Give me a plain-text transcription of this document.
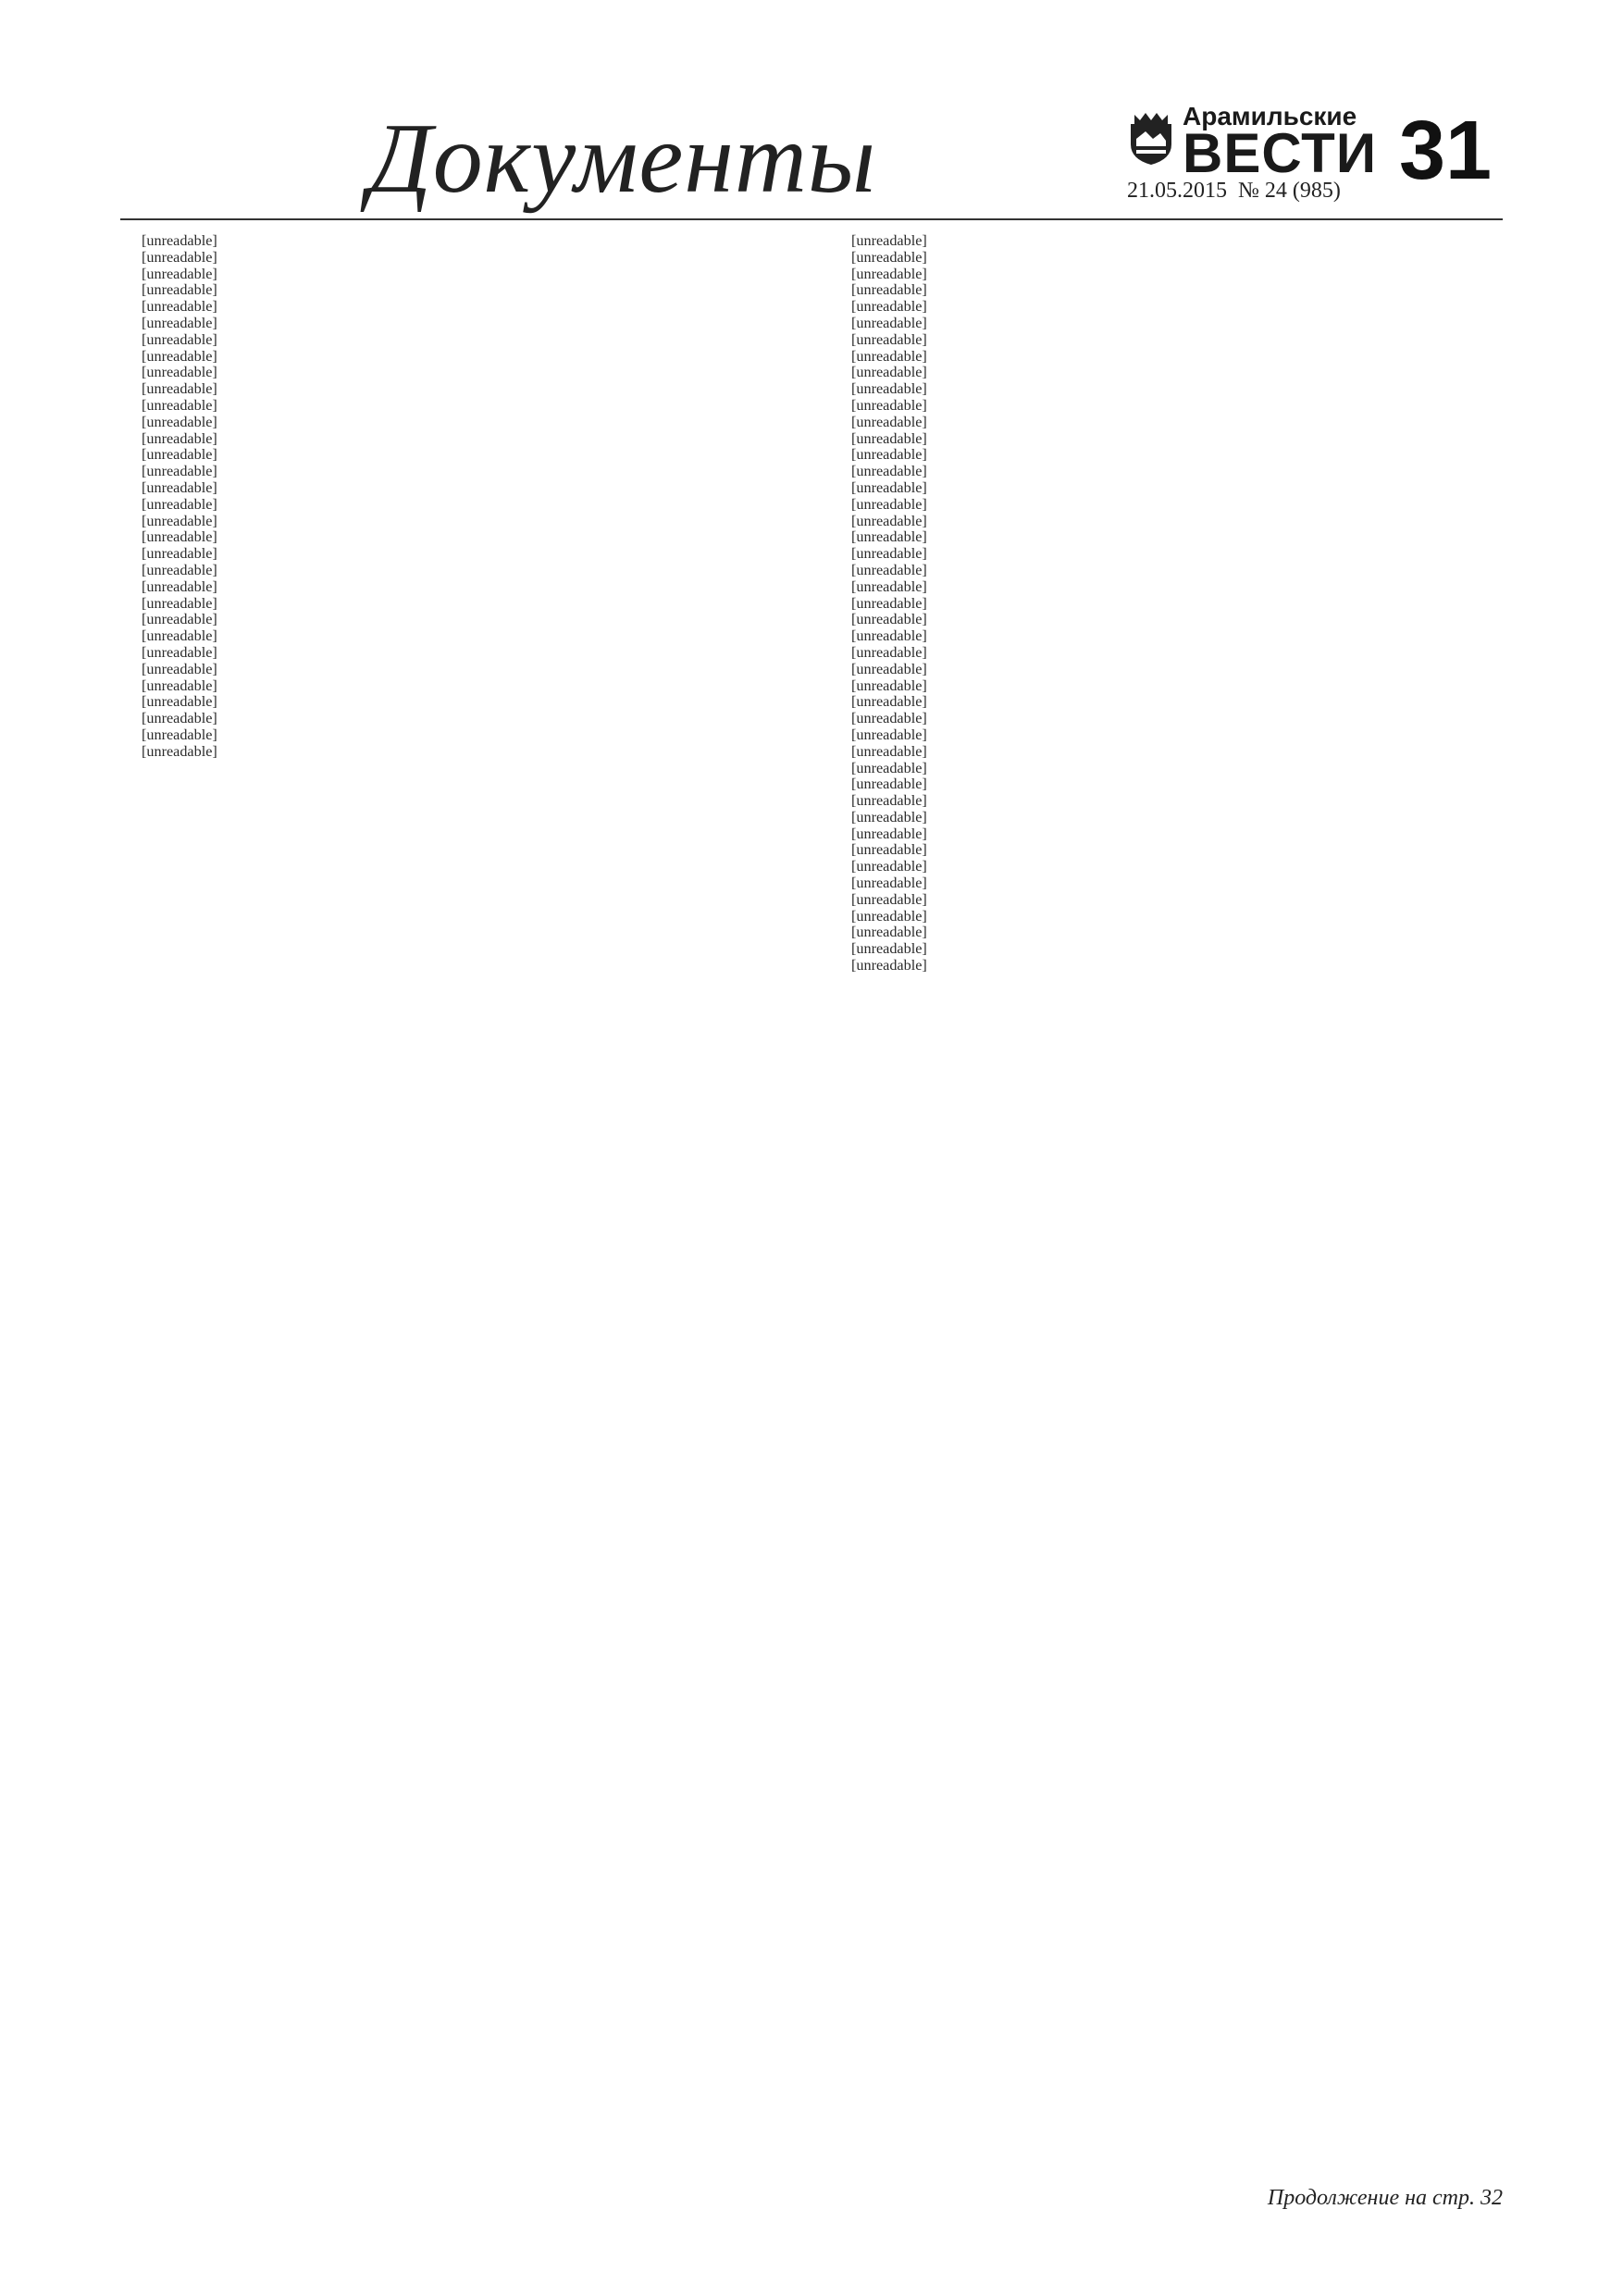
Документы	Арамильские
ВЕСТИ
21.05.2015 № 24 (985) 31

[unreadable]

[unreadable]

[unreadable]

[unreadable]

[unreadable]

[unreadable]

[unreadable]

[unreadable]

[unreadable]

[unreadable]

[unreadable]

[unreadable]

[unreadable]

[unreadable]

[unreadable]

[unreadable]

[unreadable]

[unreadable]

[unreadable]

[unreadable]

[unreadable]

[unreadable]

[unreadable]

[unreadable]

[unreadable]

[unreadable]

[unreadable]

[unreadable]

[unreadable]

[unreadable]

[unreadable]

[unreadable]

[unreadable]

[unreadable]

[unreadable]

[unreadable]

[unreadable]

[unreadable]

[unreadable]

[unreadable]

[unreadable]

[unreadable]

[unreadable]

[unreadable]

[unreadable]

[unreadable]

[unreadable]

[unreadable]

[unreadable]

[unreadable]

[unreadable]

[unreadable]

[unreadable]

[unreadable]

[unreadable]

[unreadable]

[unreadable]

[unreadable]

[unreadable]

[unreadable]

[unreadable]

[unreadable]

[unreadable]

[unreadable]

[unreadable]

[unreadable]

[unreadable]

[unreadable]

[unreadable]

[unreadable]

[unreadable]

[unreadable]

[unreadable]

[unreadable]

[unreadable]

[unreadable]

[unreadable]

Продолжение на стр. 32
